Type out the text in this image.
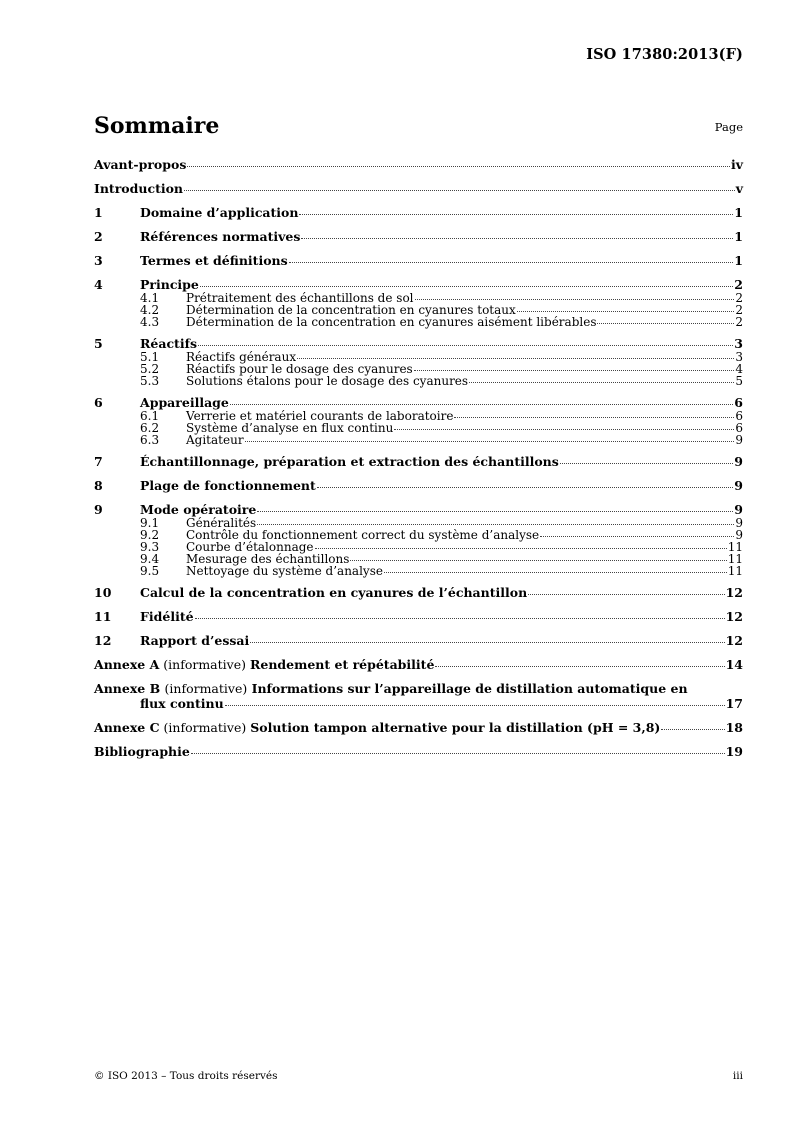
ISO 17380:2013(F)
Sommaire	Page
Avant-propos	iv
Introduction	v
1	Domaine d’application	1
2	Références normatives	1
3	Termes et définitions	1
4	Principe	2
4.1	Prétraitement des échantillons de sol	2
4.2	Détermination de la concentration en cyanures totaux	2
4.3	Détermination de la concentration en cyanures aisément libérables	2
5	Réactifs	3
5.1	Réactifs généraux	3
5.2	Réactifs pour le dosage des cyanures	4
5.3	Solutions étalons pour le dosage des cyanures	5
6	Appareillage	6
6.1	Verrerie et matériel courants de laboratoire	6
6.2	Système d’analyse en flux continu	6
6.3	Agitateur	9
7	Échantillonnage, préparation et extraction des échantillons	9
8	Plage de fonctionnement	9
9	Mode opératoire	9
9.1	Généralités	9
9.2	Contrôle du fonctionnement correct du système d’analyse	9
9.3	Courbe d’étalonnage	11
9.4	Mesurage des échantillons	11
9.5	Nettoyage du système d’analyse	11
10	Calcul de la concentration en cyanures de l’échantillon	12
11	Fidélité	12
12	Rapport d’essai	12
Annexe A (informative) Rendement et répétabilité	14
Annexe B (informative) Informations sur l’appareillage de distillation automatique en
flux continu	17
Annexe C (informative) Solution tampon alternative pour la distillation (pH = 3,8)	18
Bibliographie	19
© ISO 2013 – Tous droits réservés	iii
